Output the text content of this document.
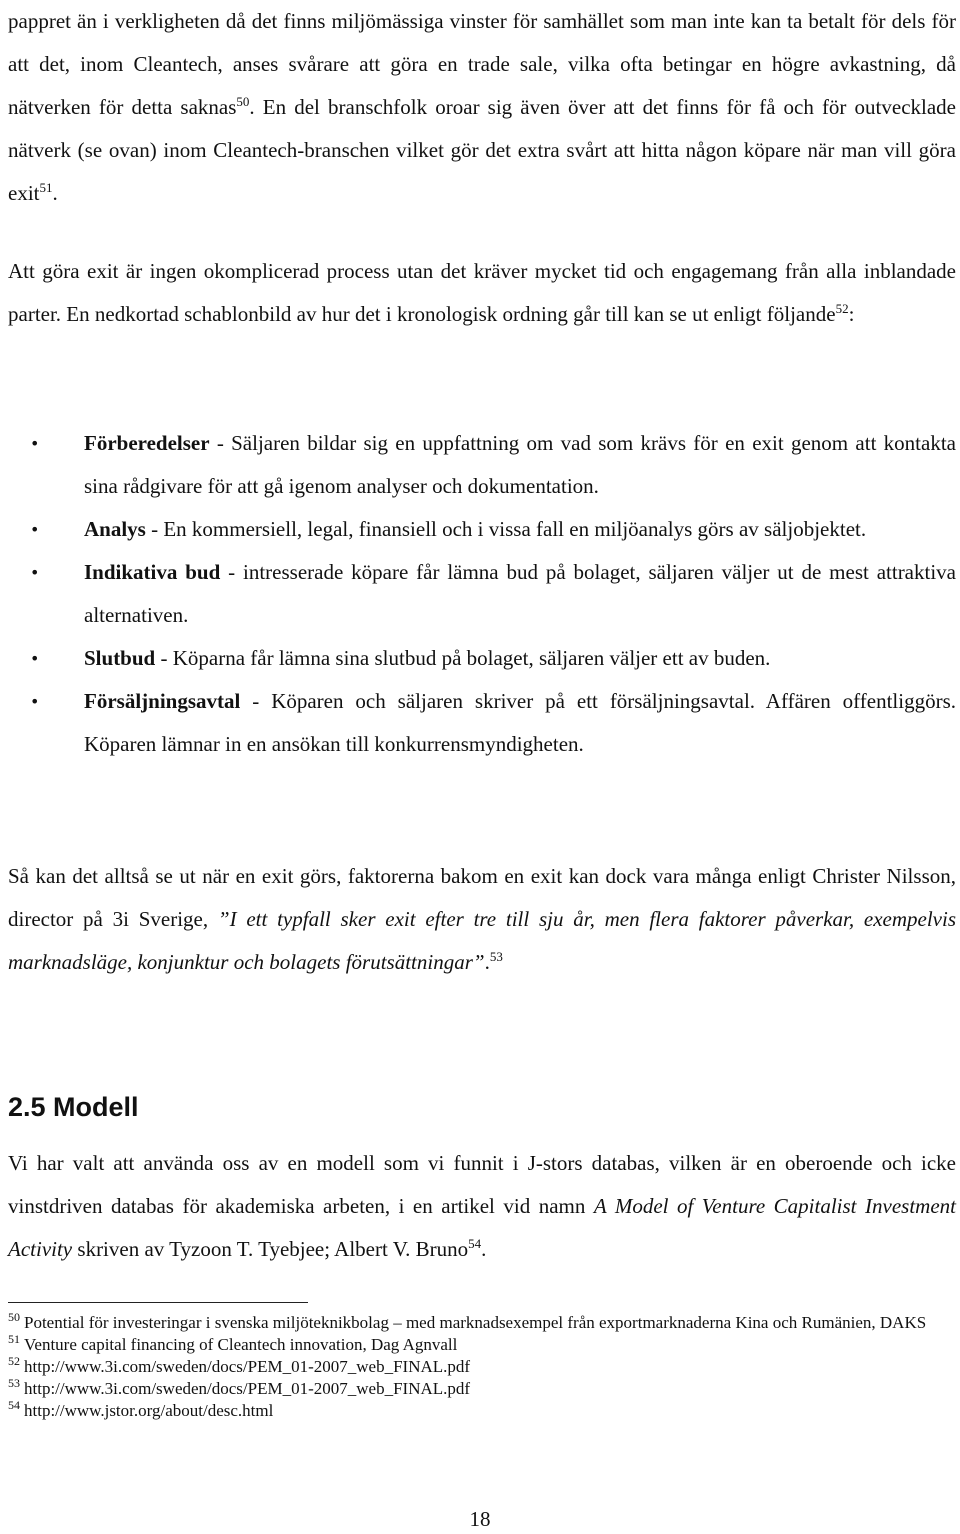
pappret än i verkligheten då det finns miljömässiga vinster för samhället som man inte kan ta betalt för dels för att det, inom Cleantech, anses svårare att göra en trade sale, vilka ofta betingar en högre avkastning, då nätverken för detta saknas$^{50}$. En del branschfolk oroar sig även över att det finns för få och för outvecklade nätverk (se ovan) inom Cleantech-branschen vilket gör det extra svårt att hitta någon köpare när man vill göra exit$^{51}$.

Att göra exit är ingen okomplicerad process utan det kräver mycket tid och engagemang från alla inblandade parter. En nedkortad schablonbild av hur det i kronologisk ordning går till kan se ut enligt följande$^{52}$:

• Förberedelser - Säljaren bildar sig en uppfattning om vad som krävs för en exit genom att kontakta sina rådgivare för att gå igenom analyser och dokumentation.
• Analys - En kommersiell, legal, finansiell och i vissa fall en miljöanalys görs av säljobjektet.
• Indikativa bud - intresserade köpare får lämna bud på bolaget, säljaren väljer ut de mest attraktiva alternativen.
• Slutbud - Köparna får lämna sina slutbud på bolaget, säljaren väljer ett av buden.
• Försäljningsavtal - Köparen och säljaren skriver på ett försäljningsavtal. Affären offentliggörs. Köparen lämnar in en ansökan till konkurrensmyndigheten.

Så kan det alltså se ut när en exit görs, faktorerna bakom en exit kan dock vara många enligt Christer Nilsson, director på 3i Sverige, ”I ett typfall sker exit efter tre till sju år, men flera faktorer påverkar, exempelvis marknadsläge, konjunktur och bolagets förutsättningar”.$^{53}$

2.5 Modell

Vi har valt att använda oss av en modell som vi funnit i J-stors databas, vilken är en oberoende och icke vinstdriven databas för akademiska arbeten, i en artikel vid namn A Model of Venture Capitalist Investment Activity skriven av Tyzoon T. Tyebjee; Albert V. Bruno$^{54}$.

$^{50}$ Potential för investeringar i svenska miljöteknikbolag – med marknadsexempel från exportmarknaderna Kina och Rumänien, DAKS

$^{51}$ Venture capital financing of Cleantech innovation, Dag Agnvall

$^{52}$ http://www.3i.com/sweden/docs/PEM_01-2007_web_FINAL.pdf

$^{53}$ http://www.3i.com/sweden/docs/PEM_01-2007_web_FINAL.pdf

$^{54}$ http://www.jstor.org/about/desc.html

18
